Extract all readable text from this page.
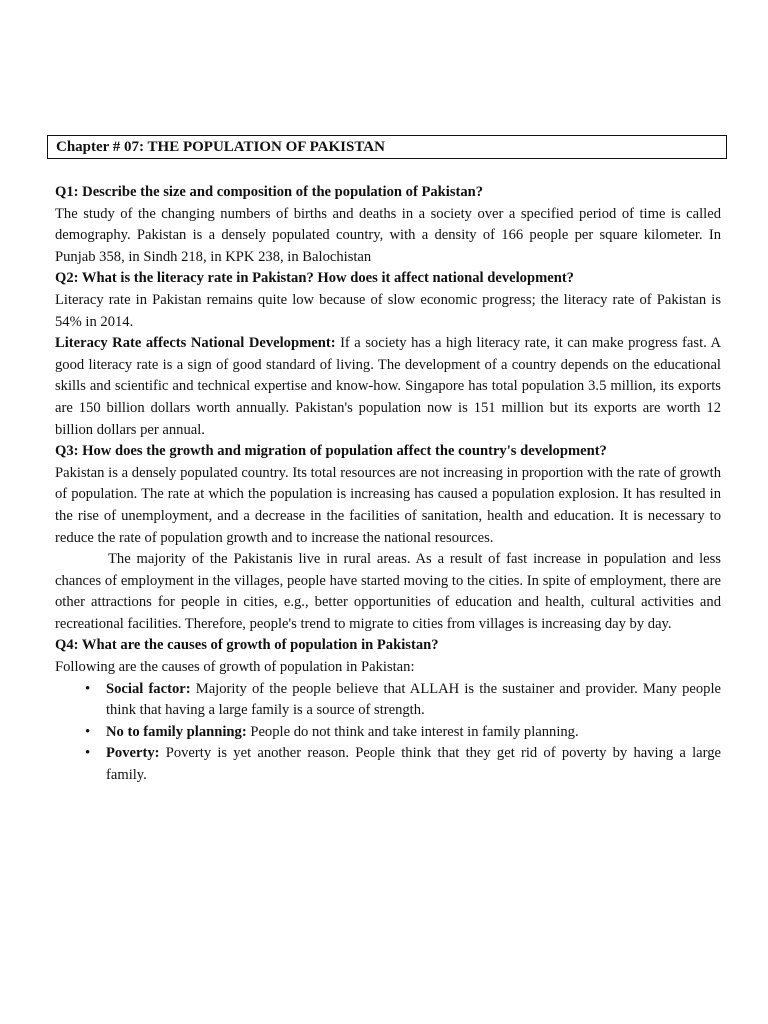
Chapter # 07: THE POPULATION OF PAKISTAN

Q1: Describe the size and composition of the population of Pakistan?

The study of the changing numbers of births and deaths in a society over a specified period of time is called demography. Pakistan is a densely populated country, with a density of 166 people per square kilometer. In Punjab 358, in Sindh 218, in KPK 238, in Balochistan

Q2: What is the literacy rate in Pakistan? How does it affect national development?

Literacy rate in Pakistan remains quite low because of slow economic progress; the literacy rate of Pakistan is 54% in 2014.

Literacy Rate affects National Development: If a society has a high literacy rate, it can make progress fast. A good literacy rate is a sign of good standard of living. The development of a country depends on the educational skills and scientific and technical expertise and know-how. Singapore has total population 3.5 million, its exports are 150 billion dollars worth annually. Pakistan's population now is 151 million but its exports are worth 12 billion dollars per annual.

Q3: How does the growth and migration of population affect the country's development?

Pakistan is a densely populated country. Its total resources are not increasing in proportion with the rate of growth of population. The rate at which the population is increasing has caused a population explosion. It has resulted in the rise of unemployment, and a decrease in the facilities of sanitation, health and education. It is necessary to reduce the rate of population growth and to increase the national resources.

The majority of the Pakistanis live in rural areas. As a result of fast increase in population and less chances of employment in the villages, people have started moving to the cities. In spite of employment, there are other attractions for people in cities, e.g., better opportunities of education and health, cultural activities and recreational facilities. Therefore, people's trend to migrate to cities from villages is increasing day by day.

Q4: What are the causes of growth of population in Pakistan?

Following are the causes of growth of population in Pakistan:

• Social factor: Majority of the people believe that ALLAH is the sustainer and provider. Many people think that having a large family is a source of strength.
• No to family planning: People do not think and take interest in family planning.
• Poverty: Poverty is yet another reason. People think that they get rid of poverty by having a large family.
